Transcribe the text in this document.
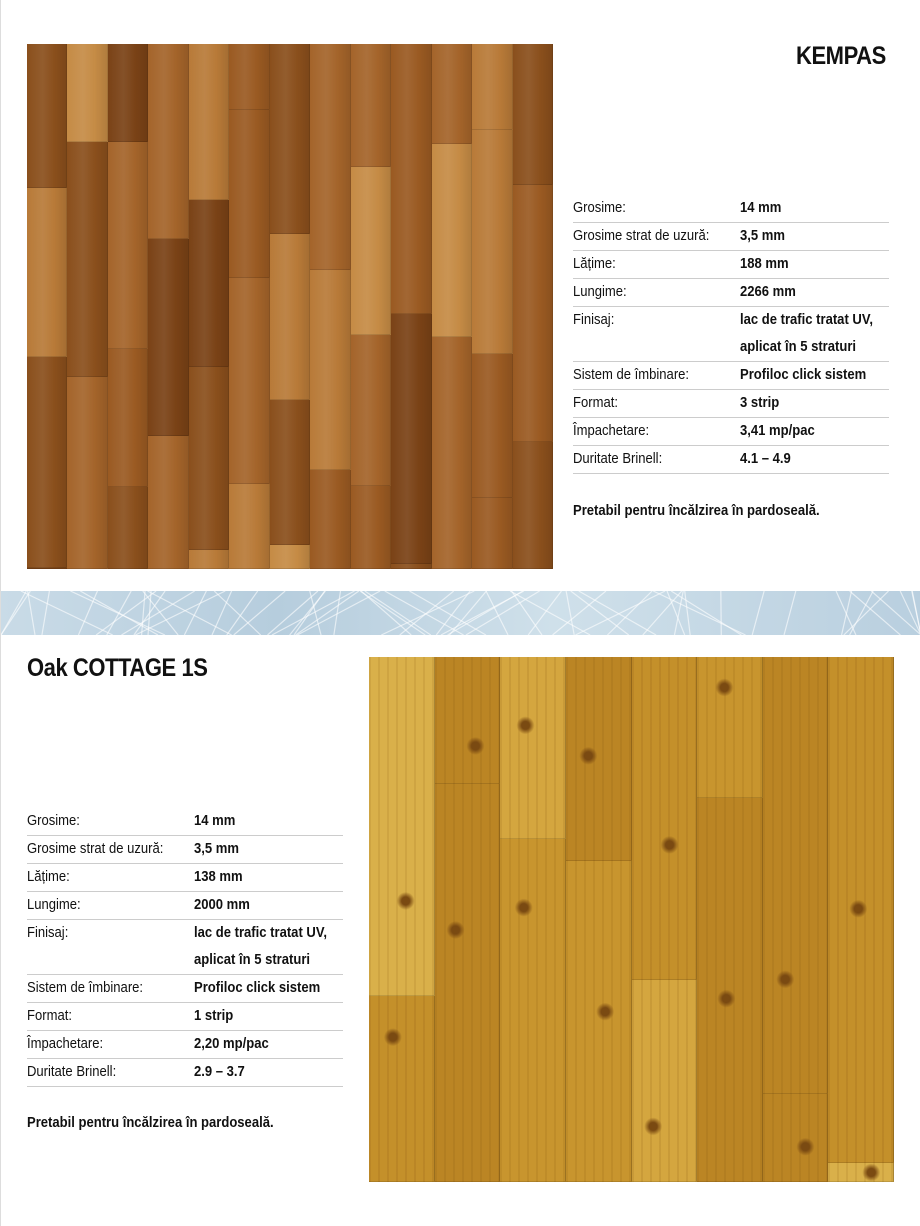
KEMPAS
Grosime:	14 mm
Grosime strat de uzură:	3,5 mm
Lățime:	188 mm
Lungime:	2266 mm
Finisaj:	lac de trafic tratat UV,
aplicat în 5 straturi
Sistem de îmbinare:	Profiloc click sistem
Format:	3 strip
Împachetare:	3,41 mp/pac
Duritate Brinell:	4.1 – 4.9
Pretabil pentru încălzirea în pardoseală.
Oak COTTAGE 1S
Grosime:	14 mm
Grosime strat de uzură:	3,5 mm
Lățime:	138 mm
Lungime:	2000 mm
Finisaj:	lac de trafic tratat UV,
aplicat în 5 straturi
Sistem de îmbinare:	Profiloc click sistem
Format:	1 strip
Împachetare:	2,20 mp/pac
Duritate Brinell:	2.9 – 3.7
Pretabil pentru încălzirea în pardoseală.
